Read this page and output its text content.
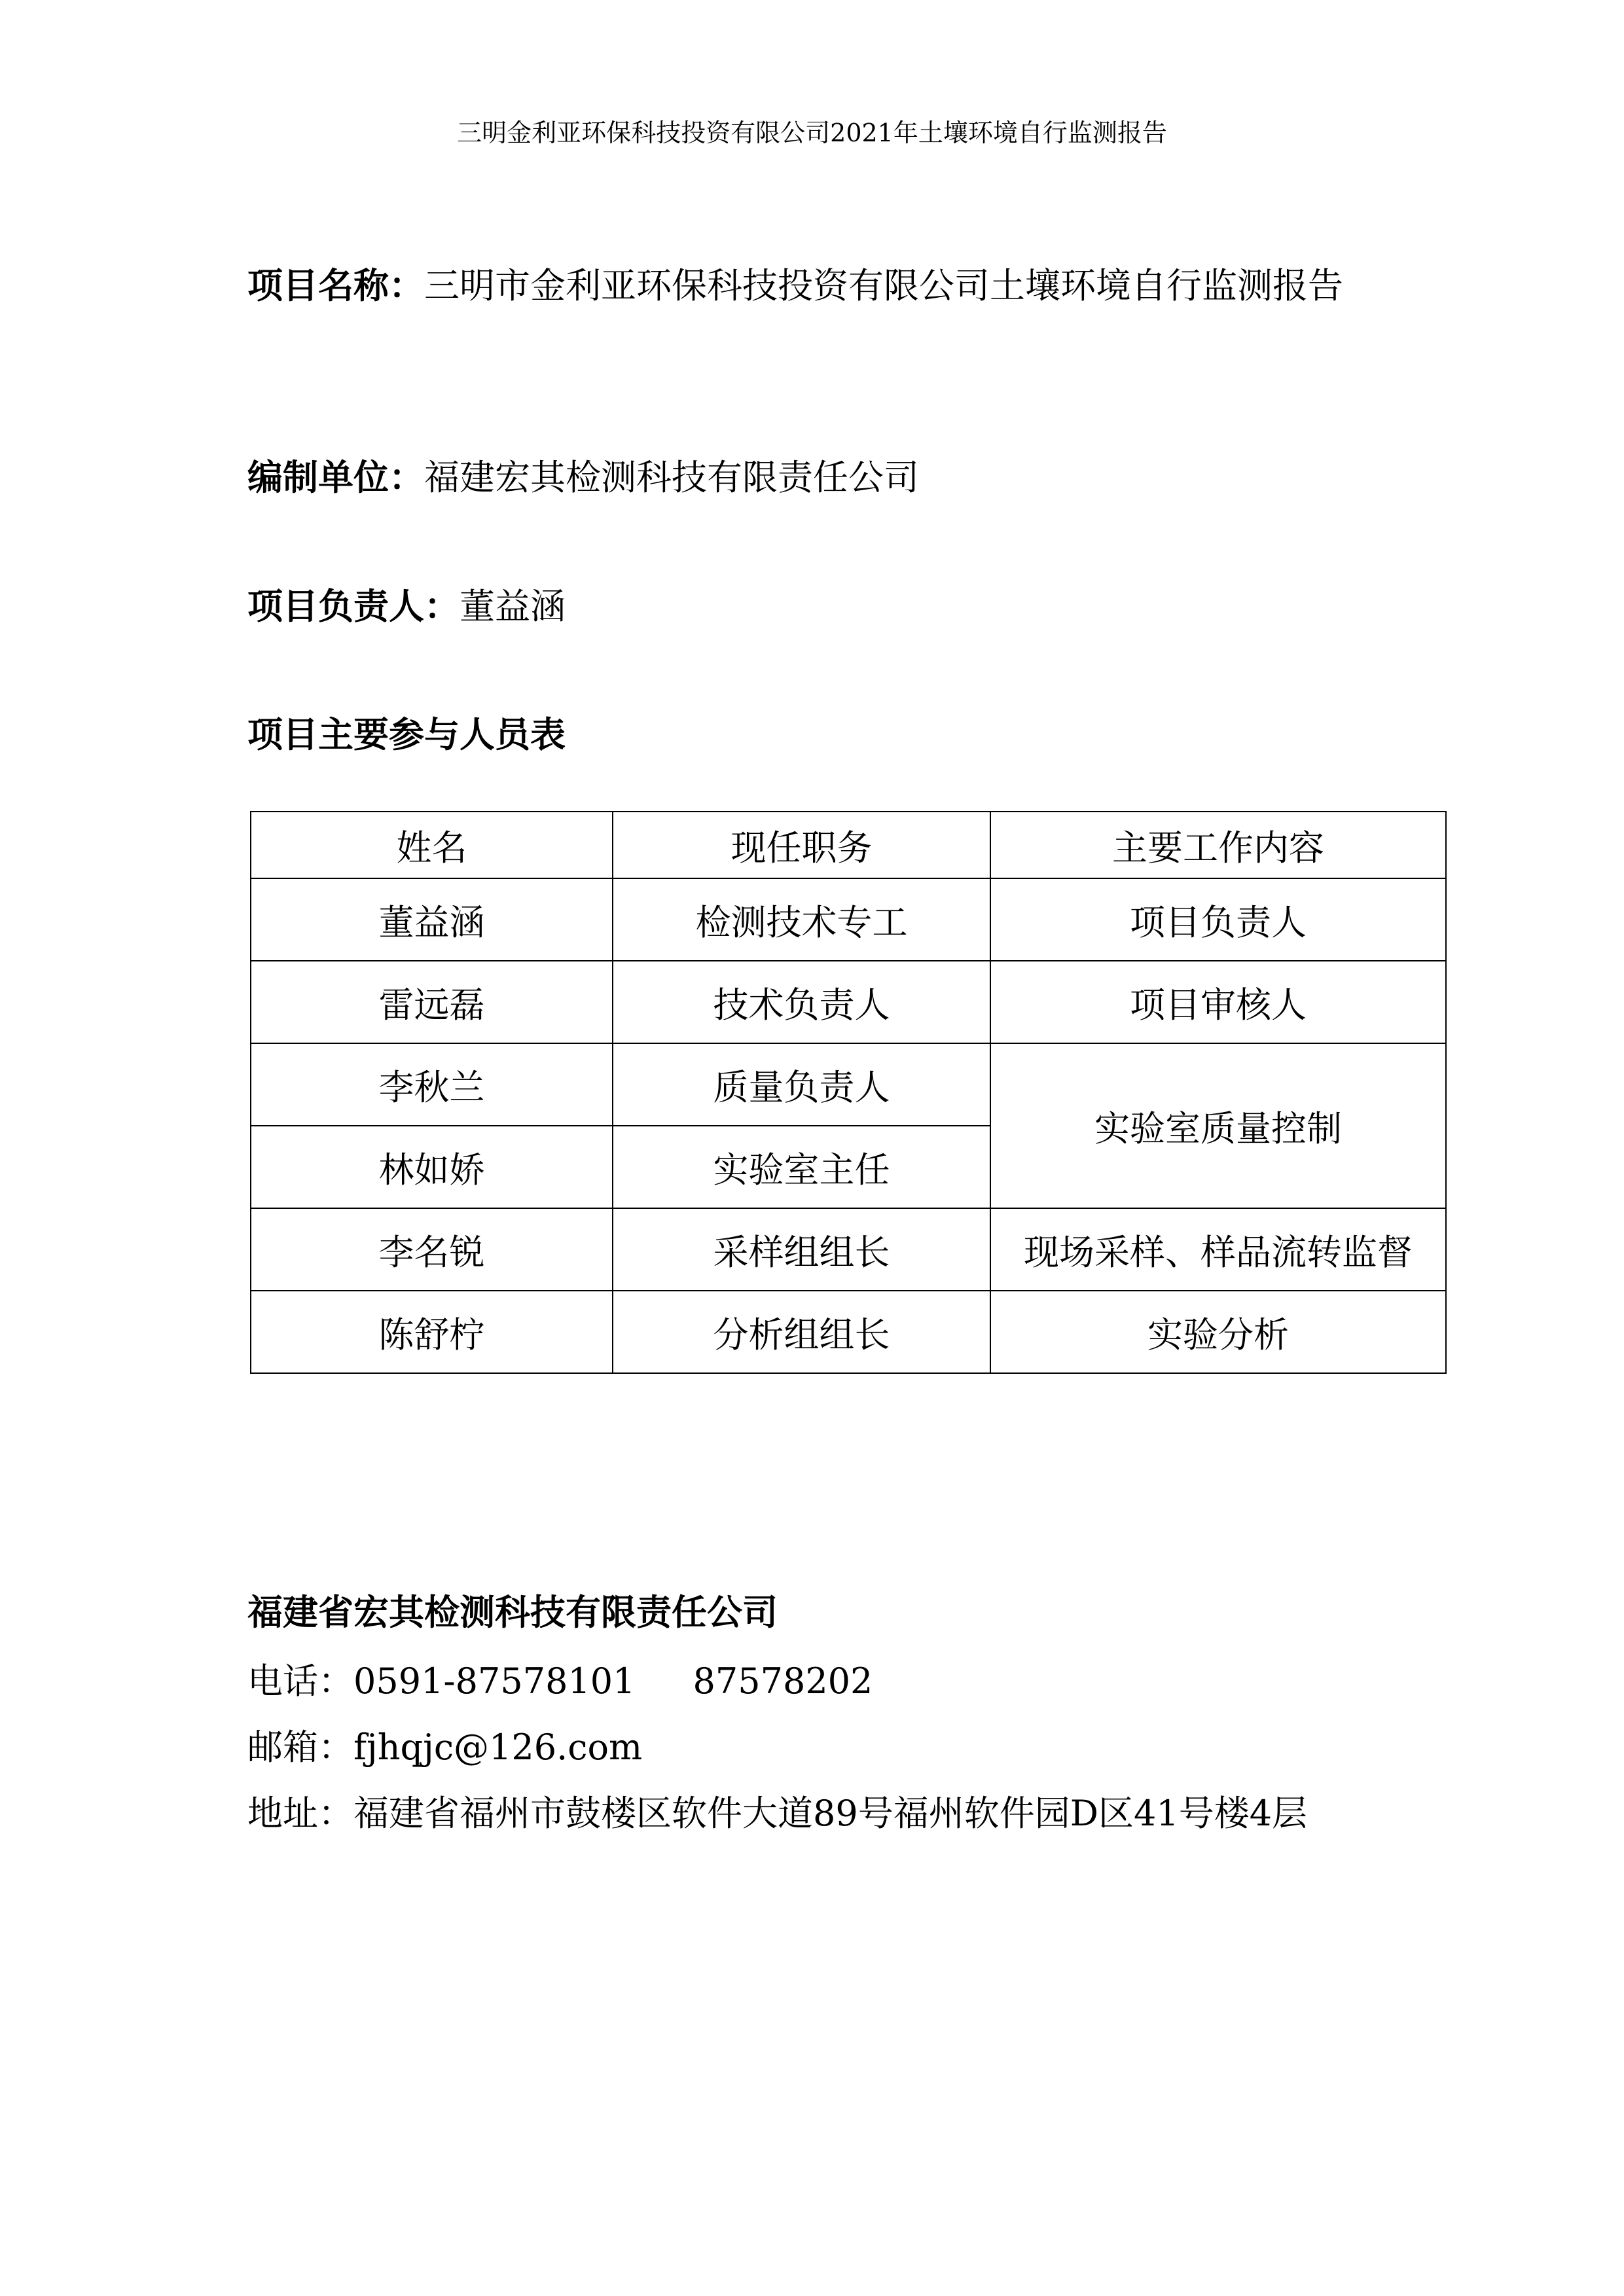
三明金利亚环保科技投资有限公司2021年土壤环境自行监测报告
项目名称：三明市金利亚环保科技投资有限公司土壤环境自行监测报告
编制单位：福建宏其检测科技有限责任公司
项目负责人：董益涵
项目主要参与人员表
姓名	现任职务	主要工作内容
董益涵	检测技术专工	项目负责人
雷远磊	技术负责人	项目审核人
李秋兰	质量负责人	实验室质量控制
林如娇	实验室主任	
李名锐	采样组组长	现场采样、样品流转监督
陈舒柠	分析组组长	实验分析
福建省宏其检测科技有限责任公司
电话：0591-87578101 87578202
邮箱：fjhqjc@126.com
地址：福建省福州市鼓楼区软件大道89号福州软件园D区41号楼4层
